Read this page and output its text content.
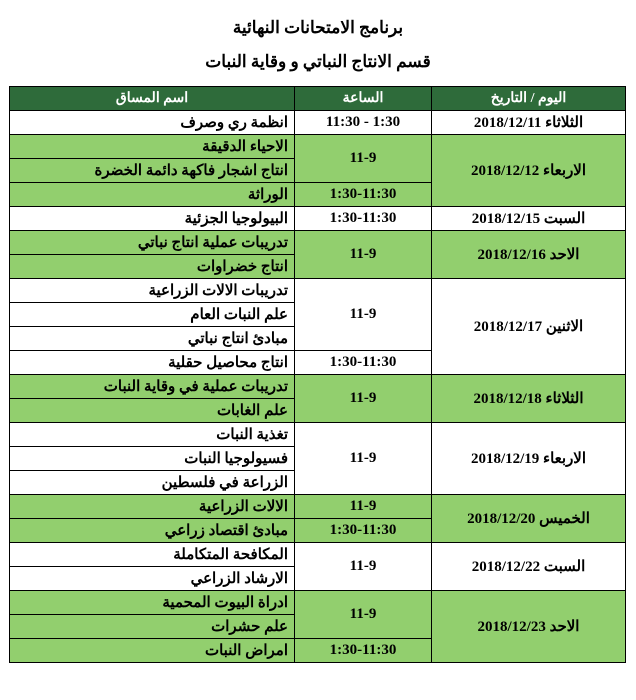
برنامج الامتحانات النهائية
قسم الانتاج النباتي و وقاية النبات
اليوم / التاريخ	الساعة	اسم المساق
الثلاثاء 2018/12/11	11:30 - 1:30	انظمة ري وصرف
الاربعاء 2018/12/12	11-9	الاحياء الدقيقة
		انتاج اشجار فاكهة دائمة الخضرة
	1:30-11:30	الوراثة
السبت 2018/12/15	1:30-11:30	البيولوجيا الجزئية
الاحد 2018/12/16	11-9	تدريبات عملية انتاج نباتي
		انتاج خضراوات
الاثنين 2018/12/17	11-9	تدريبات الالات الزراعية
		علم النبات العام
		مبادئ انتاج نباتي
	1:30-11:30	انتاج محاصيل حقلية
الثلاثاء 2018/12/18	11-9	تدريبات عملية في وقاية النبات
		علم الغابات
الاربعاء 2018/12/19	11-9	تغذية النبات
		فسيولوجيا النبات
		الزراعة في فلسطين
الخميس 2018/12/20	11-9	الالات الزراعية
	1:30-11:30	مبادئ اقتصاد زراعي
السبت 2018/12/22	11-9	المكافحة المتكاملة
		الارشاد الزراعي
الاحد 2018/12/23	11-9	ادراة البيوت المحمية
		علم حشرات
	1:30-11:30	امراض النبات
